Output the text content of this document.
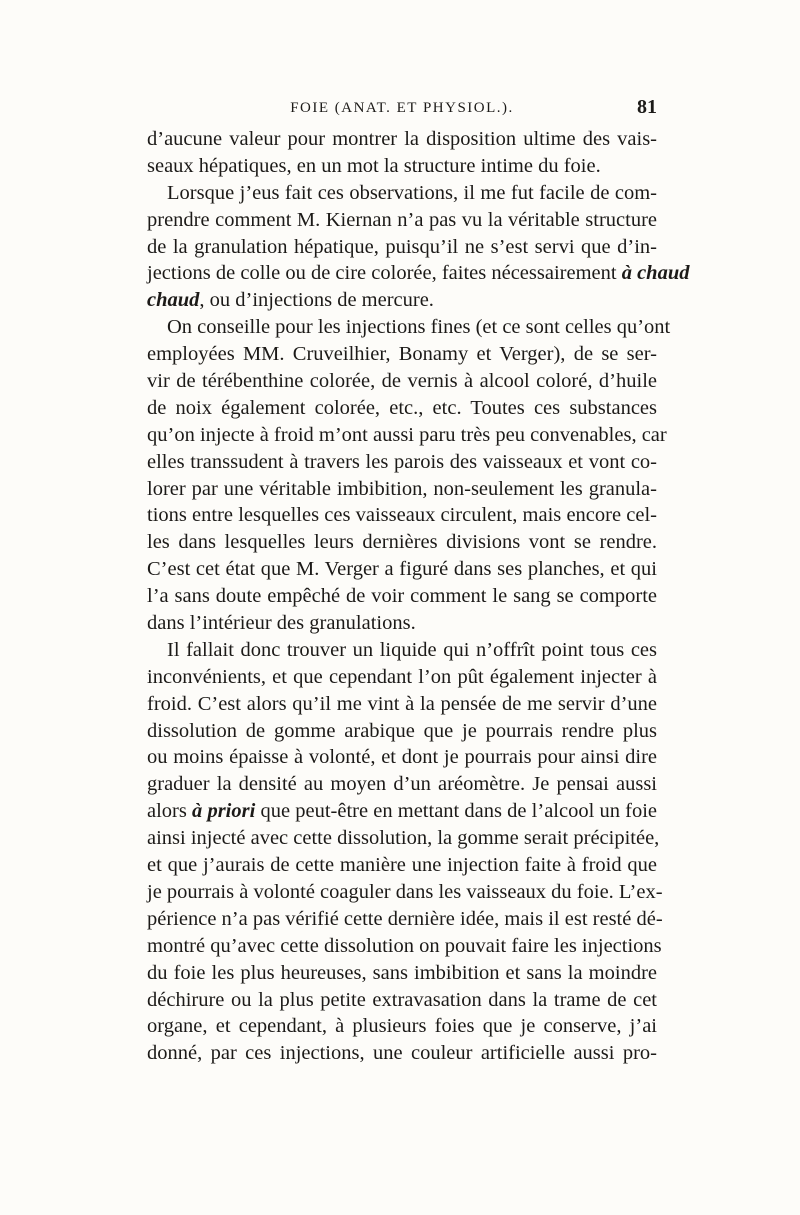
FOIE (ANAT. ET PHYSIOL.).	81
d’aucune valeur pour montrer la disposition ultime des vais-
seaux hépatiques, en un mot la structure intime du foie.
Lorsque j’eus fait ces observations, il me fut facile de com-
prendre comment M. Kiernan n’a pas vu la véritable structure
de la granulation hépatique, puisqu’il ne s’est servi que d’in-
jections de colle ou de cire colorée, faites nécessairement à chaud
chaud, ou d’injections de mercure.
On conseille pour les injections fines (et ce sont celles qu’ont
employées MM. Cruveilhier, Bonamy et Verger), de se ser-
vir de térébenthine colorée, de vernis à alcool coloré, d’huile
de noix également colorée, etc., etc. Toutes ces substances
qu’on injecte à froid m’ont aussi paru très peu convenables, car
elles transsudent à travers les parois des vaisseaux et vont co-
lorer par une véritable imbibition, non-seulement les granula-
tions entre lesquelles ces vaisseaux circulent, mais encore cel-
les dans lesquelles leurs dernières divisions vont se rendre.
C’est cet état que M. Verger a figuré dans ses planches, et qui
l’a sans doute empêché de voir comment le sang se comporte
dans l’intérieur des granulations.
Il fallait donc trouver un liquide qui n’offrît point tous ces
inconvénients, et que cependant l’on pût également injecter à
froid. C’est alors qu’il me vint à la pensée de me servir d’une
dissolution de gomme arabique que je pourrais rendre plus
ou moins épaisse à volonté, et dont je pourrais pour ainsi dire
graduer la densité au moyen d’un aréomètre. Je pensai aussi
alors à priori que peut-être en mettant dans de l’alcool un foie
ainsi injecté avec cette dissolution, la gomme serait précipitée,
et que j’aurais de cette manière une injection faite à froid que
je pourrais à volonté coaguler dans les vaisseaux du foie. L’ex-
périence n’a pas vérifié cette dernière idée, mais il est resté dé-
montré qu’avec cette dissolution on pouvait faire les injections
du foie les plus heureuses, sans imbibition et sans la moindre
déchirure ou la plus petite extravasation dans la trame de cet
organe, et cependant, à plusieurs foies que je conserve, j’ai
donné, par ces injections, une couleur artificielle aussi pro-
